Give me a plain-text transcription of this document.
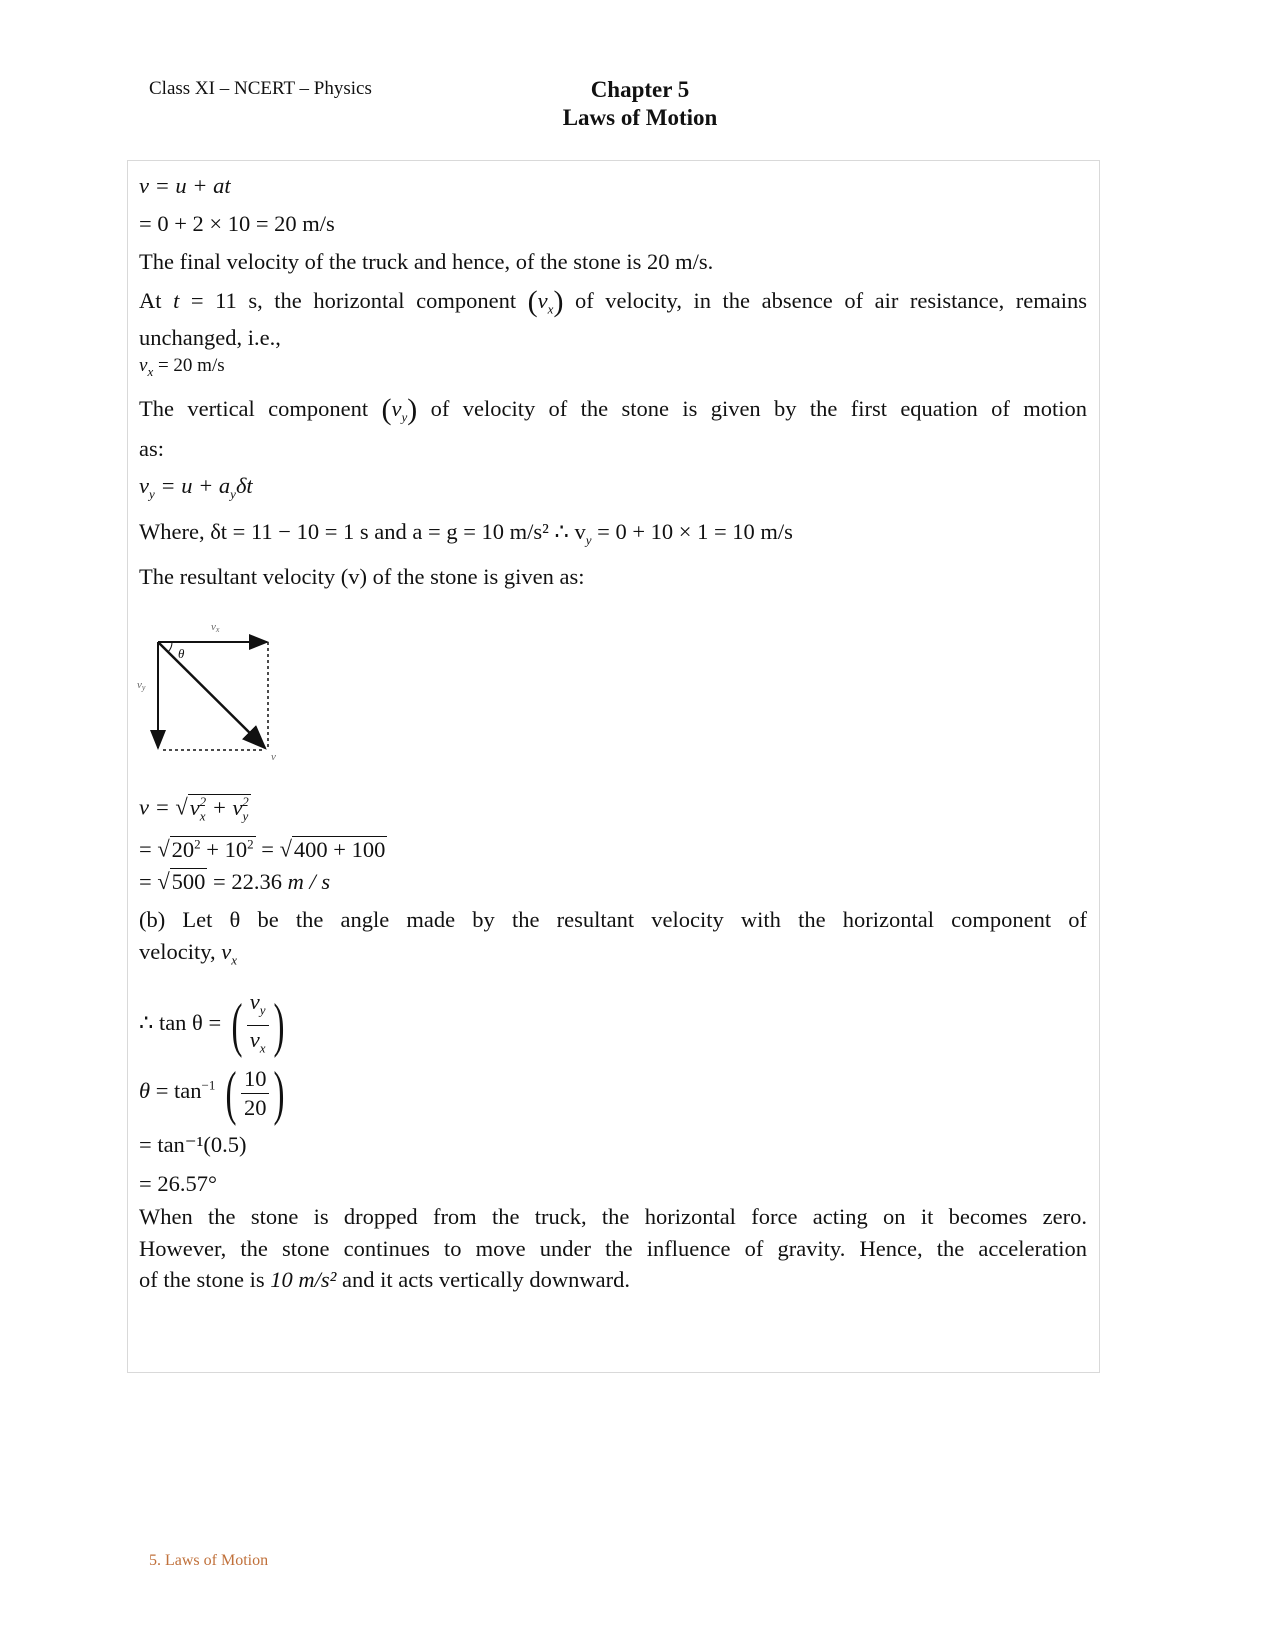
Class XI – NCERT – Physics	Chapter 5
Laws of Motion
v = u + at
= 0 + 2 × 10 = 20 m/s
The final velocity of the truck and hence, of the stone is 20 m/s.
At t = 11 s, the horizontal component $(v_x)$ of velocity, in the absence of air resistance, remains
unchanged, i.e.,
$v_x = 20$ m/s
The vertical component $(v_y)$ of velocity of the stone is given by the first equation of motion
as:
$v_y = u + a_y\delta t$
Where, δt = 11 − 10 = 1 s and a = g = 10 m/s² ∴ $v_y = 0 + 10 \times 1 = 10$ m/s
The resultant velocity (v) of the stone is given as:
vx
vy
θ
v
$v = √v_x^2 + v_y^2$
= $√20^2 + 10^2 = √400 + 100$
= √500 = 22.36 m / s
(b) Let θ be the angle made by the resultant velocity with the horizontal component of
velocity, $v_x$
∴ tan θ = ( $\frac{v_y}{v_x}$ )
$\theta = \tan^{-1}$ ( $\frac{10}{20}$ )
= tan⁻¹(0.5)
= 26.57°
When the stone is dropped from the truck, the horizontal force acting on it becomes zero.
However, the stone continues to move under the influence of gravity. Hence, the acceleration
of the stone is 10 m/s² and it acts vertically downward.
5. Laws of Motion
